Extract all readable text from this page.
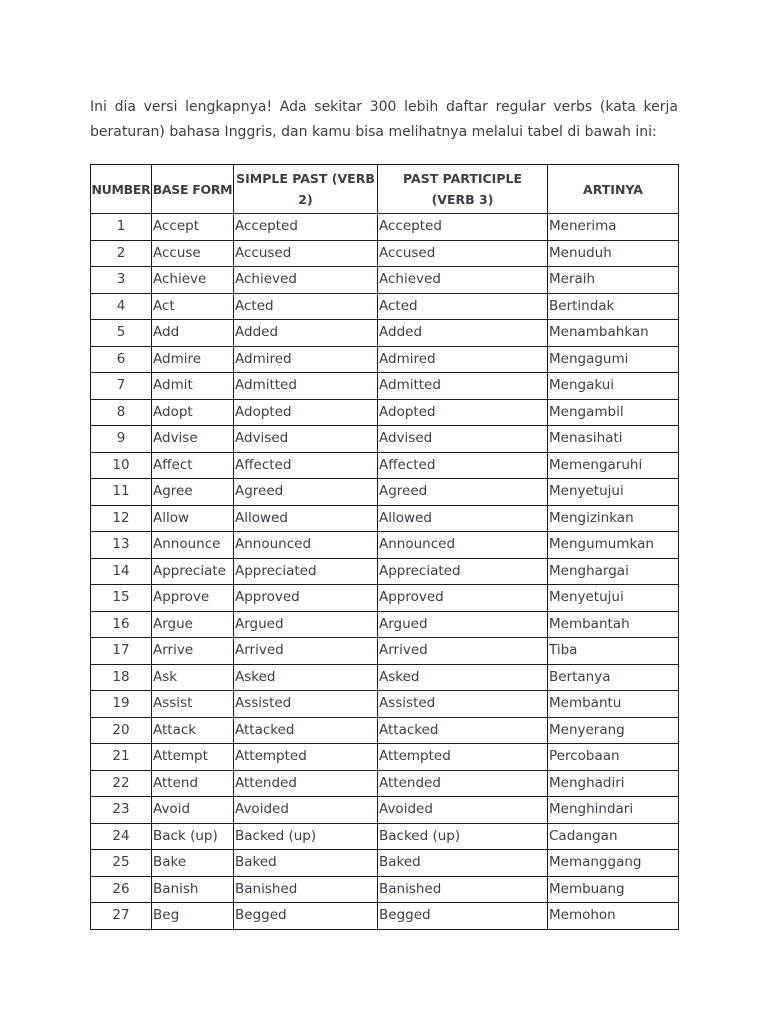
Ini dia versi lengkapnya! Ada sekitar 300 lebih daftar regular verbs (kata kerja beraturan) bahasa Inggris, dan kamu bisa melihatnya melalui tabel di bawah ini:

NUMBER	BASE FORM	SIMPLE PAST (VERB 2)	PAST PARTICIPLE (VERB 3)	ARTINYA
1	Accept	Accepted	Accepted	Menerima
2	Accuse	Accused	Accused	Menuduh
3	Achieve	Achieved	Achieved	Meraih
4	Act	Acted	Acted	Bertindak
5	Add	Added	Added	Menambahkan
6	Admire	Admired	Admired	Mengagumi
7	Admit	Admitted	Admitted	Mengakui
8	Adopt	Adopted	Adopted	Mengambil
9	Advise	Advised	Advised	Menasihati
10	Affect	Affected	Affected	Memengaruhi
11	Agree	Agreed	Agreed	Menyetujui
12	Allow	Allowed	Allowed	Mengizinkan
13	Announce	Announced	Announced	Mengumumkan
14	Appreciate	Appreciated	Appreciated	Menghargai
15	Approve	Approved	Approved	Menyetujui
16	Argue	Argued	Argued	Membantah
17	Arrive	Arrived	Arrived	Tiba
18	Ask	Asked	Asked	Bertanya
19	Assist	Assisted	Assisted	Membantu
20	Attack	Attacked	Attacked	Menyerang
21	Attempt	Attempted	Attempted	Percobaan
22	Attend	Attended	Attended	Menghadiri
23	Avoid	Avoided	Avoided	Menghindari
24	Back (up)	Backed (up)	Backed (up)	Cadangan
25	Bake	Baked	Baked	Memanggang
26	Banish	Banished	Banished	Membuang
27	Beg	Begged	Begged	Memohon
